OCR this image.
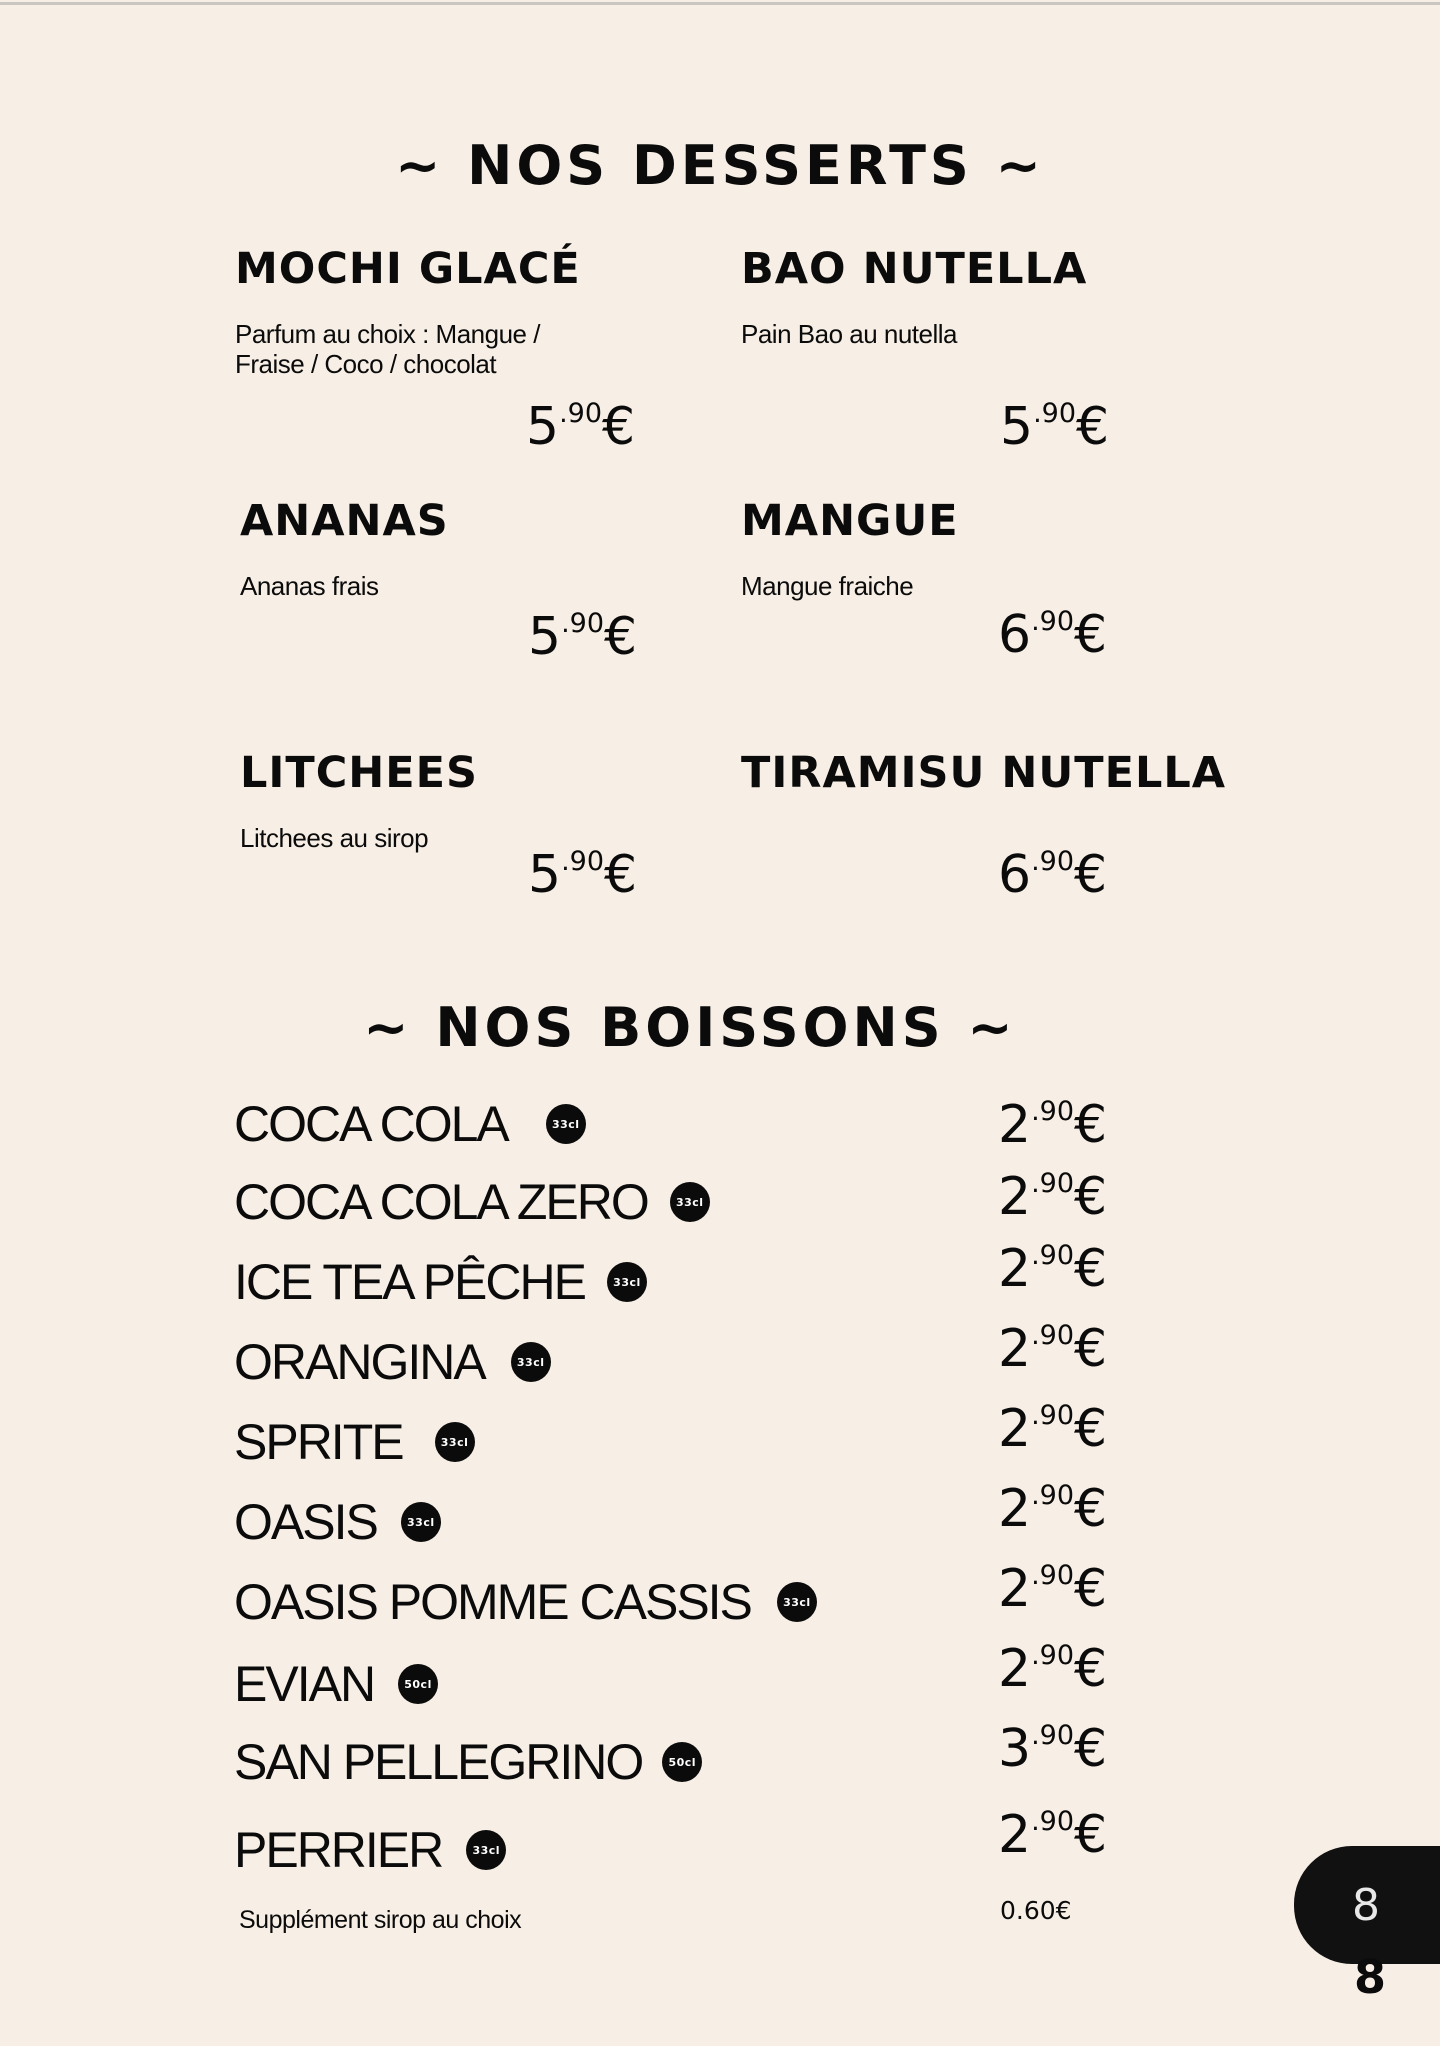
~ NOS DESSERTS ~
MOCHI GLACÉ
Parfum au choix : Mangue /
Fraise / Coco / chocolat
$5^{.90}€$
BAO NUTELLA
Pain Bao au nutella
$5^{.90}€$
ANANAS
Ananas frais
$5^{.90}€$
MANGUE
Mangue fraiche
$6^{.90}€$
LITCHEES
Litchees au sirop
$5^{.90}€$
TIRAMISU NUTELLA
$6^{.90}€$
~ NOS BOISSONS ~
COCA COLA	33cl	$2^{.90}€$
COCA COLA ZERO	33cl	$2^{.90}€$
ICE TEA PÊCHE	33cl	$2^{.90}€$
ORANGINA	33cl	$2^{.90}€$
SPRITE	33cl	$2^{.90}€$
OASIS	33cl	$2^{.90}€$
OASIS POMME CASSIS	33cl	$2^{.90}€$
EVIAN	50cl	$2^{.90}€$
SAN PELLEGRINO	50cl	$3^{.90}€$
PERRIER	33cl	$2^{.90}€$
Supplément sirop au choix	0.60€	8
8
